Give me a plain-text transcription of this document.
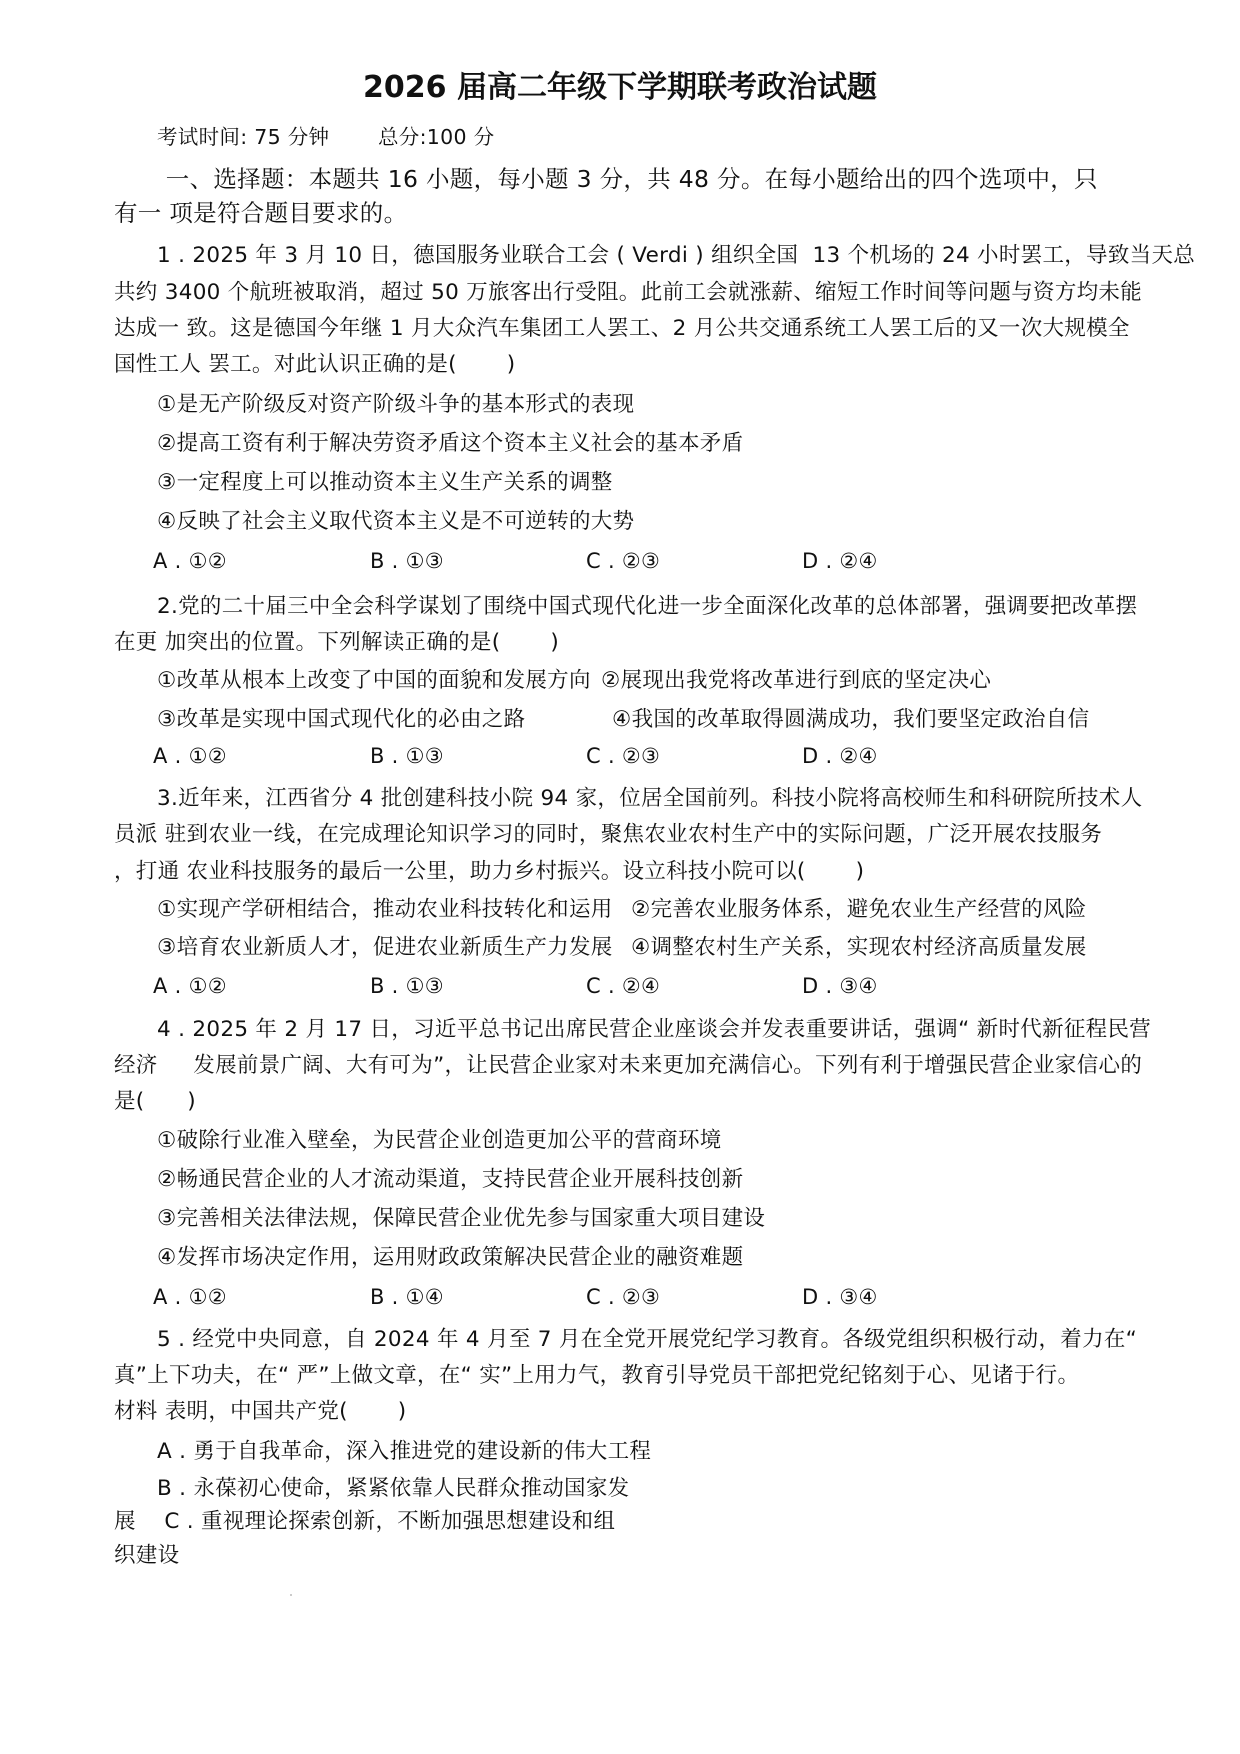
2026 届高二年级下学期联考政治试题
考试时间: 75 分钟 总分:100 分
一、选择题：本题共 16 小题，每小题 3 分，共 48 分。在每小题给出的四个选项中，只
有一 项是符合题目要求的。
1 . 2025 年 3 月 10 日，德国服务业联合工会 ( Verdi ) 组织全国  13 个机场的 24 小时罢工，导致当天总
共约 3400 个航班被取消，超过 50 万旅客出行受阻。此前工会就涨薪、缩短工作时间等问题与资方均未能
达成一 致。这是德国今年继 1 月大众汽车集团工人罢工、2 月公共交通系统工人罢工后的又一次大规模全
国性工人 罢工。对此认识正确的是(       )
①是无产阶级反对资产阶级斗争的基本形式的表现
②提高工资有利于解决劳资矛盾这个资本主义社会的基本矛盾
③一定程度上可以推动资本主义生产关系的调整
④反映了社会主义取代资本主义是不可逆转的大势
A . ①②	B . ①③	C . ②③	D . ②④
2.党的二十届三中全会科学谋划了围绕中国式现代化进一步全面深化改革的总体部署，强调要把改革摆
在更 加突出的位置。下列解读正确的是(       )
①改革从根本上改变了中国的面貌和发展方向 ②展现出我党将改革进行到底的坚定决心
③改革是实现中国式现代化的必由之路	④我国的改革取得圆满成功，我们要坚定政治自信
A . ①②	B . ①③	C . ②③	D . ②④
3.近年来，江西省分 4 批创建科技小院 94 家，位居全国前列。科技小院将高校师生和科研院所技术人
员派 驻到农业一线，在完成理论知识学习的同时，聚焦农业农村生产中的实际问题，广泛开展农技服务
，打通 农业科技服务的最后一公里，助力乡村振兴。设立科技小院可以(       )
①实现产学研相结合，推动农业科技转化和运用 ②完善农业服务体系，避免农业生产经营的风险
③培育农业新质人才，促进农业新质生产力发展 ④调整农村生产关系，实现农村经济高质量发展
A . ①②	B . ①③	C . ②④	D . ③④
4 . 2025 年 2 月 17 日，习近平总书记出席民营企业座谈会并发表重要讲话，强调“ 新时代新征程民营
经济     发展前景广阔、大有可为”，让民营企业家对未来更加充满信心。下列有利于增强民营企业家信心的
是(      )
①破除行业准入壁垒，为民营企业创造更加公平的营商环境
②畅通民营企业的人才流动渠道，支持民营企业开展科技创新
③完善相关法律法规，保障民营企业优先参与国家重大项目建设
④发挥市场决定作用，运用财政政策解决民营企业的融资难题
A . ①②	B . ①④	C . ②③	D . ③④
5 . 经党中央同意，自 2024 年 4 月至 7 月在全党开展党纪学习教育。各级党组织积极行动，着力在“
真”上下功夫，在“ 严”上做文章，在“ 实”上用力气，教育引导党员干部把党纪铭刻于心、见诸于行。
材料 表明，中国共产党(       )
A . 勇于自我革命，深入推进党的建设新的伟大工程
B . 永葆初心使命，紧紧依靠人民群众推动国家发
展    C . 重视理论探索创新，不断加强思想建设和组
织建设
